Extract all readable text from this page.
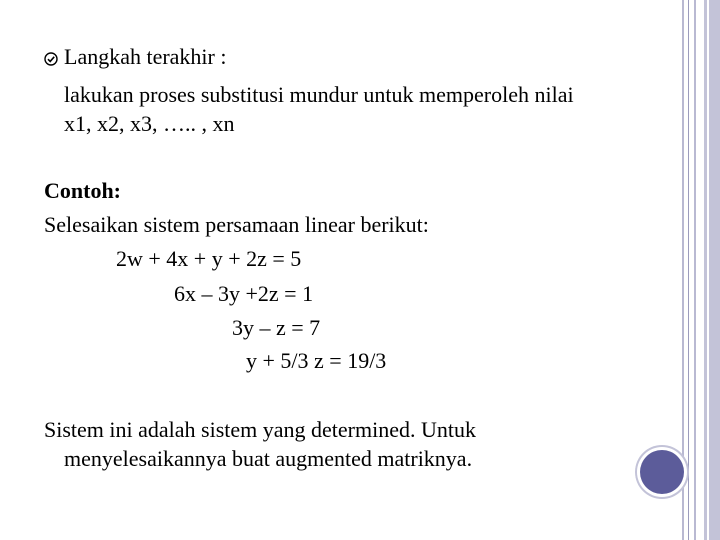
Langkah terakhir :
lakukan proses substitusi mundur untuk memperoleh nilai
x1, x2, x3, ….. , xn
Contoh:
Selesaikan sistem persamaan linear berikut:
2w + 4x + y + 2z = 5
6x – 3y +2z = 1
3y – z = 7
y + 5/3 z = 19/3
Sistem ini adalah sistem yang determined. Untuk
menyelesaikannya buat augmented matriknya.
